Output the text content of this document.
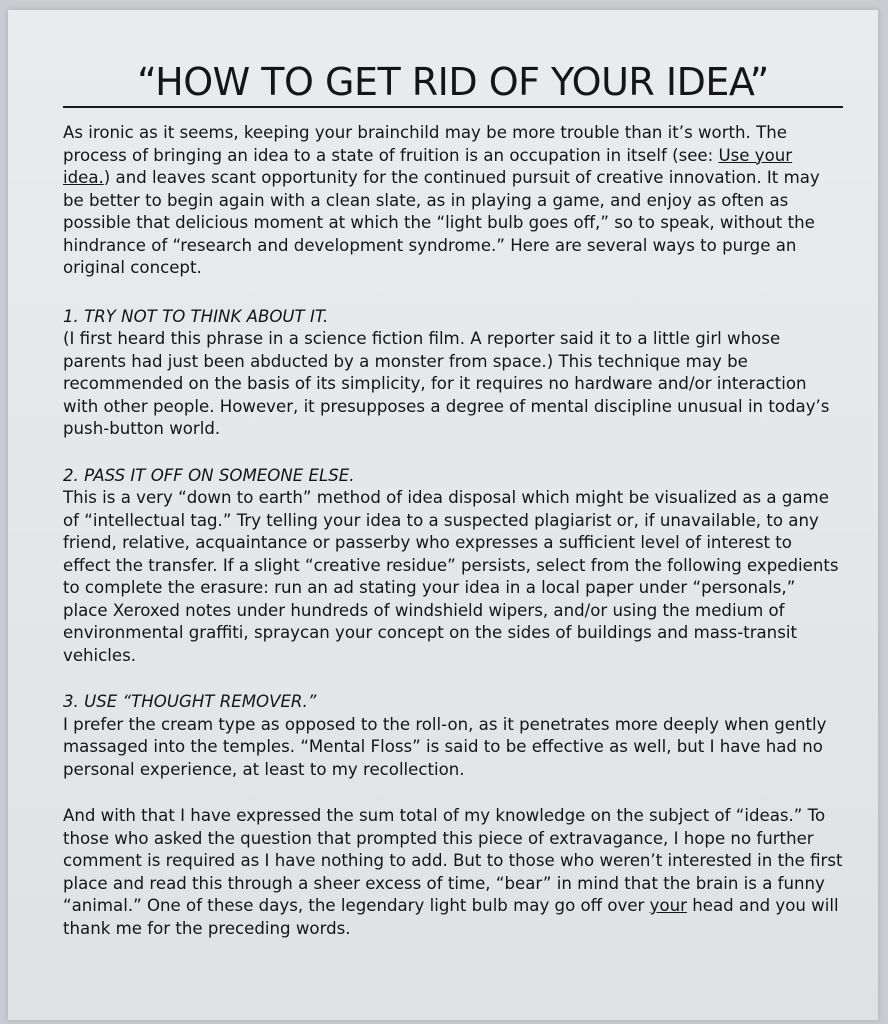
“HOW TO GET RID OF YOUR IDEA”

As ironic as it seems, keeping your brainchild may be more trouble than it’s worth. The process of bringing an idea to a state of fruition is an occupation in itself (see: Use your idea.) and leaves scant opportunity for the continued pursuit of creative innovation. It may be better to begin again with a clean slate, as in playing a game, and enjoy as often as possible that delicious moment at which the “light bulb goes off,” so to speak, without the hindrance of “research and development syndrome.” Here are several ways to purge an original concept.

1. TRY NOT TO THINK ABOUT IT.

(I first heard this phrase in a science fiction film. A reporter said it to a little girl whose parents had just been abducted by a monster from space.) This technique may be recommended on the basis of its simplicity, for it requires no hardware and/or interaction with other people. However, it presupposes a degree of mental discipline unusual in today’s push-button world.

2. PASS IT OFF ON SOMEONE ELSE.

This is a very “down to earth” method of idea disposal which might be visualized as a game of “intellectual tag.” Try telling your idea to a suspected plagiarist or, if unavailable, to any friend, relative, acquaintance or passerby who expresses a sufficient level of interest to effect the transfer. If a slight “creative residue” persists, select from the following expedients to complete the erasure: run an ad stating your idea in a local paper under “personals,” place Xeroxed notes under hundreds of windshield wipers, and/or using the medium of environmental graffiti, spraycan your concept on the sides of buildings and mass-transit vehicles.

3. USE “THOUGHT REMOVER.”

I prefer the cream type as opposed to the roll-on, as it penetrates more deeply when gently massaged into the temples. “Mental Floss” is said to be effective as well, but I have had no personal experience, at least to my recollection.

And with that I have expressed the sum total of my knowledge on the subject of “ideas.” To those who asked the question that prompted this piece of extravagance, I hope no further comment is required as I have nothing to add. But to those who weren’t interested in the first place and read this through a sheer excess of time, “bear” in mind that the brain is a funny “animal.” One of these days, the legendary light bulb may go off over your head and you will thank me for the preceding words.
